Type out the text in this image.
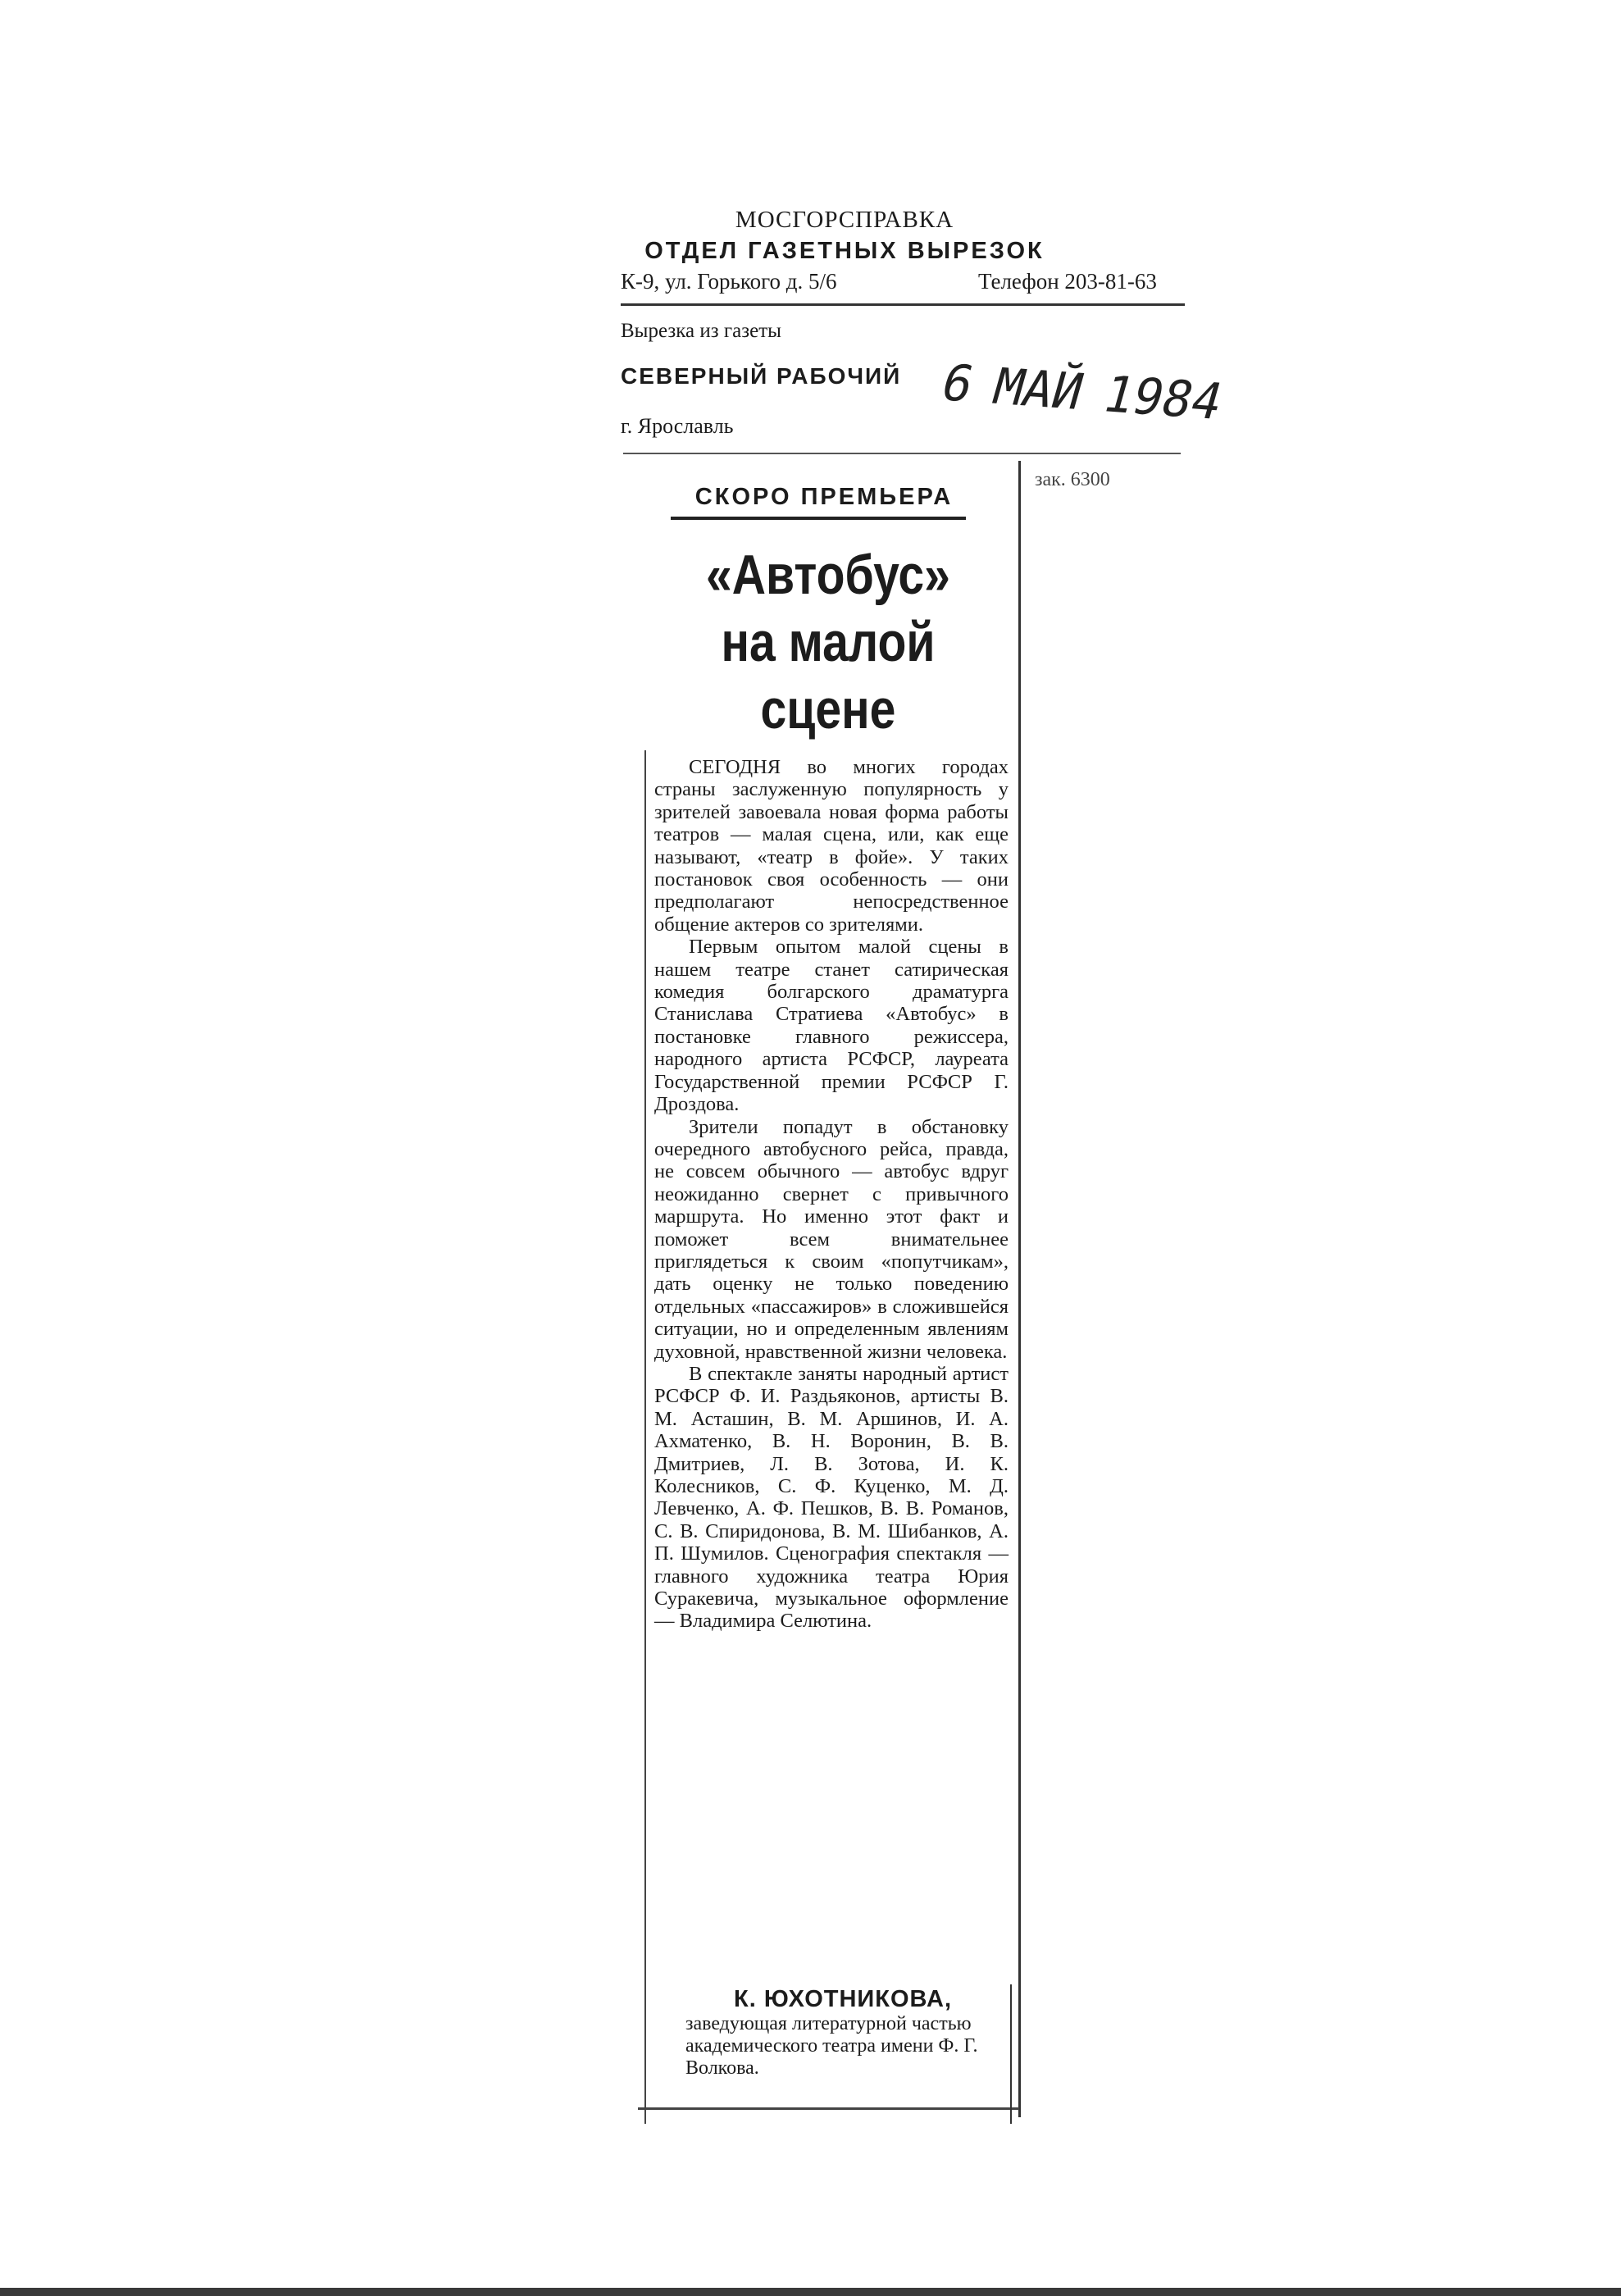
МОСГОРСПРАВКА
ОТДЕЛ ГАЗЕТНЫХ ВЫРЕЗОК
К-9, ул. Горького д. 5/6	Телефон 203-81-63
Вырезка из газеты
СЕВЕРНЫЙ РАБОЧИЙ
г. Ярославль
6 МАЙ 1984
зак. 6300
СКОРО ПРЕМЬЕРА
«Автобус»
на малой
сцене

СЕГОДНЯ во многих городах страны заслуженную популярность у зрителей завоевала новая форма работы театров — малая сцена, или, как еще называют, «театр в фойе». У таких постановок своя особенность — они предполагают непосредственное общение актеров со зрителями.

Первым опытом малой сцены в нашем театре станет сатирическая комедия болгарского драматурга Станислава Стратиева «Автобус» в постановке главного режиссера, народного артиста РСФСР, лауреата Государственной премии РСФСР Г. Дроздова.

Зрители попадут в обстановку очередного автобусного рейса, правда, не совсем обычного — автобус вдруг неожиданно свернет с привычного маршрута. Но именно этот факт и поможет всем внимательнее приглядеться к своим «попутчикам», дать оценку не только поведению отдельных «пассажиров» в сложившейся ситуации, но и определенным явлениям духовной, нравственной жизни человека.

В спектакле заняты народный артист РСФСР Ф. И. Раздьяконов, артисты В. М. Асташин, В. М. Аршинов, И. А. Ахматенко, В. Н. Воронин, В. В. Дмитриев, Л. В. Зотова, И. К. Колесников, С. Ф. Куценко, М. Д. Левченко, А. Ф. Пешков, В. В. Романов, С. В. Спиридонова, В. М. Шибанков, А. П. Шумилов. Сценография спектакля — главного художника театра Юрия Суракевича, музыкальное оформление — Владимира Селютина.

К. ЮХОТНИКОВА,
заведующая литературной частью академического театра имени Ф. Г. Волкова.
